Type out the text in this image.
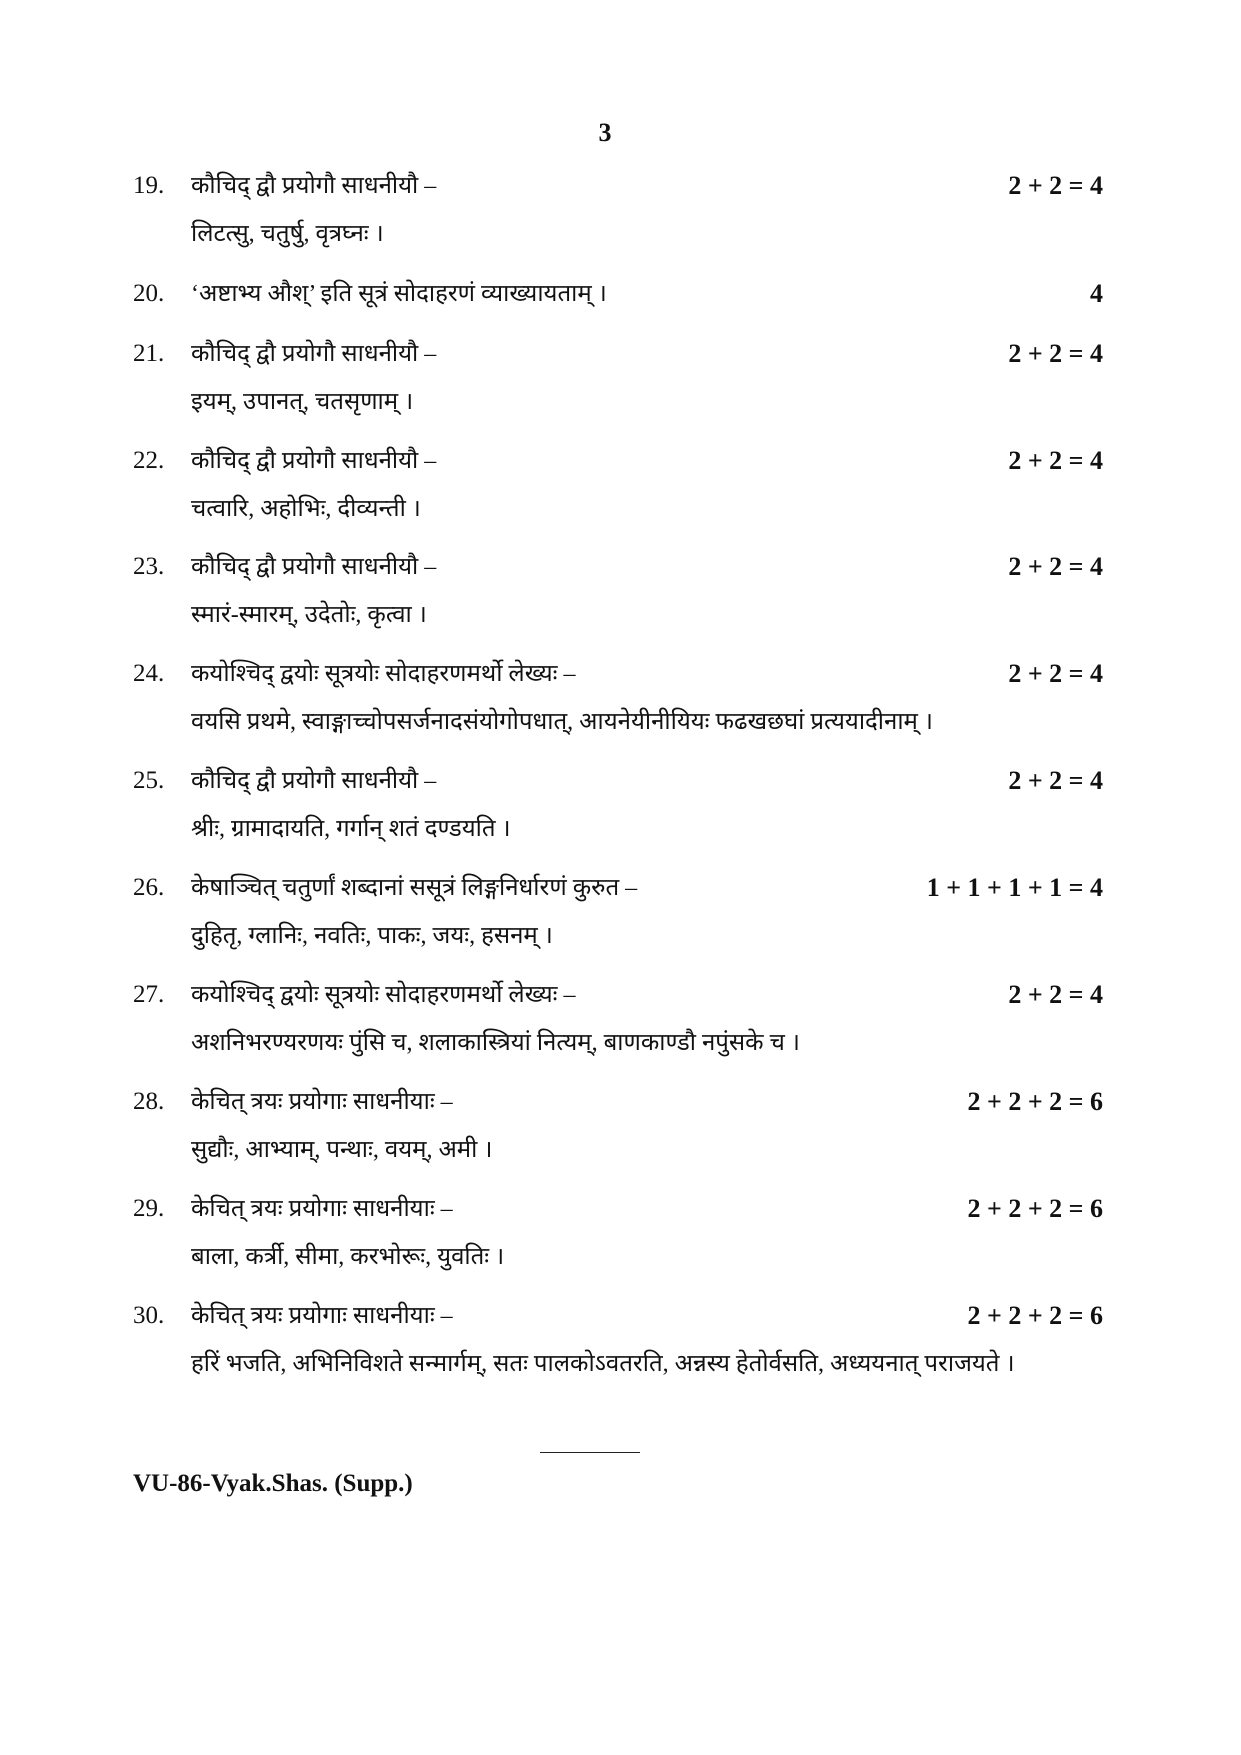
3
19. कौचिद् द्वौ प्रयोगौ साधनीयौ –	2 + 2 = 4
लिटत्सु, चतुर्षु, वृत्रघ्नः ।
20. ‘अष्टाभ्य औश्’ इति सूत्रं सोदाहरणं व्याख्यायताम् ।	4
21. कौचिद् द्वौ प्रयोगौ साधनीयौ –	2 + 2 = 4
इयम्, उपानत्, चतसृणाम् ।
22. कौचिद् द्वौ प्रयोगौ साधनीयौ –	2 + 2 = 4
चत्वारि, अहोभिः, दीव्यन्ती ।
23. कौचिद् द्वौ प्रयोगौ साधनीयौ –	2 + 2 = 4
स्मारं-स्मारम्, उदेतोः, कृत्वा ।
24. कयोश्चिद् द्वयोः सूत्रयोः सोदाहरणमर्थो लेख्यः –	2 + 2 = 4
वयसि प्रथमे, स्वाङ्गाच्चोपसर्जनादसंयोगोपधात्, आयनेयीनीयियः फढखछघां प्रत्ययादीनाम् ।
25. कौचिद् द्वौ प्रयोगौ साधनीयौ –	2 + 2 = 4
श्रीः, ग्रामादायति, गर्गान् शतं दण्डयति ।
26. केषाञ्चित् चतुर्णां शब्दानां ससूत्रं लिङ्गनिर्धारणं कुरुत –	1 + 1 + 1 + 1 = 4
दुहितृ, ग्लानिः, नवतिः, पाकः, जयः, हसनम् ।
27. कयोश्चिद् द्वयोः सूत्रयोः सोदाहरणमर्थो लेख्यः –	2 + 2 = 4
अशनिभरण्यरणयः पुंसि च, शलाकास्त्रियां नित्यम्, बाणकाण्डौ नपुंसके च ।
28. केचित् त्रयः प्रयोगाः साधनीयाः –	2 + 2 + 2 = 6
सुद्यौः, आभ्याम्, पन्थाः, वयम्, अमी ।
29. केचित् त्रयः प्रयोगाः साधनीयाः –	2 + 2 + 2 = 6
बाला, कर्त्री, सीमा, करभोरूः, युवतिः ।
30. केचित् त्रयः प्रयोगाः साधनीयाः –	2 + 2 + 2 = 6
हरिं भजति, अभिनिविशते सन्मार्गम्, सतः पालकोऽवतरति, अन्नस्य हेतोर्वसति, अध्ययनात् पराजयते ।
VU-86-Vyak.Shas. (Supp.)
